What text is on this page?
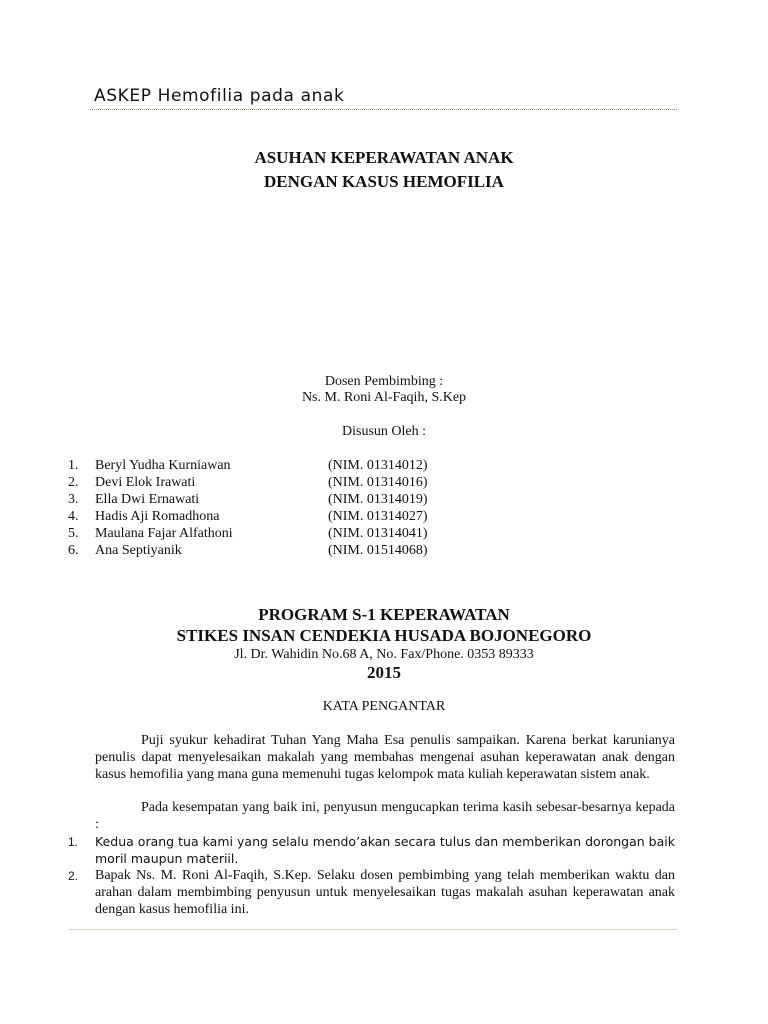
ASKEP Hemofilia pada anak
ASUHAN KEPERAWATAN ANAK
DENGAN KASUS HEMOFILIA
Dosen Pembimbing :
Ns. M. Roni Al-Faqih, S.Kep
Disusun Oleh :
1. Beryl Yudha Kurniawan	(NIM. 01314012)
2. Devi Elok Irawati	(NIM. 01314016)
3. Ella Dwi Ernawati	(NIM. 01314019)
4. Hadis Aji Romadhona	(NIM. 01314027)
5. Maulana Fajar Alfathoni	(NIM. 01314041)
6. Ana Septiyanik	(NIM. 01514068)
PROGRAM S-1 KEPERAWATAN
STIKES INSAN CENDEKIA HUSADA BOJONEGORO
Jl. Dr. Wahidin No.68 A, No. Fax/Phone. 0353 89333
2015
KATA PENGANTAR
Puji syukur kehadirat Tuhan Yang Maha Esa penulis sampaikan. Karena berkat karunianya penulis dapat menyelesaikan makalah yang membahas mengenai asuhan keperawatan anak dengan kasus hemofilia yang mana guna memenuhi tugas kelompok mata kuliah keperawatan sistem anak.
Pada kesempatan yang baik ini, penyusun mengucapkan terima kasih sebesar-besarnya kepada :
1. Kedua orang tua kami yang selalu mendo’akan secara tulus dan memberikan dorongan baik moril maupun materiil.
2. Bapak Ns. M. Roni Al-Faqih, S.Kep. Selaku dosen pembimbing yang telah memberikan waktu dan arahan dalam membimbing penyusun untuk menyelesaikan tugas makalah asuhan keperawatan anak dengan kasus hemofilia ini.
